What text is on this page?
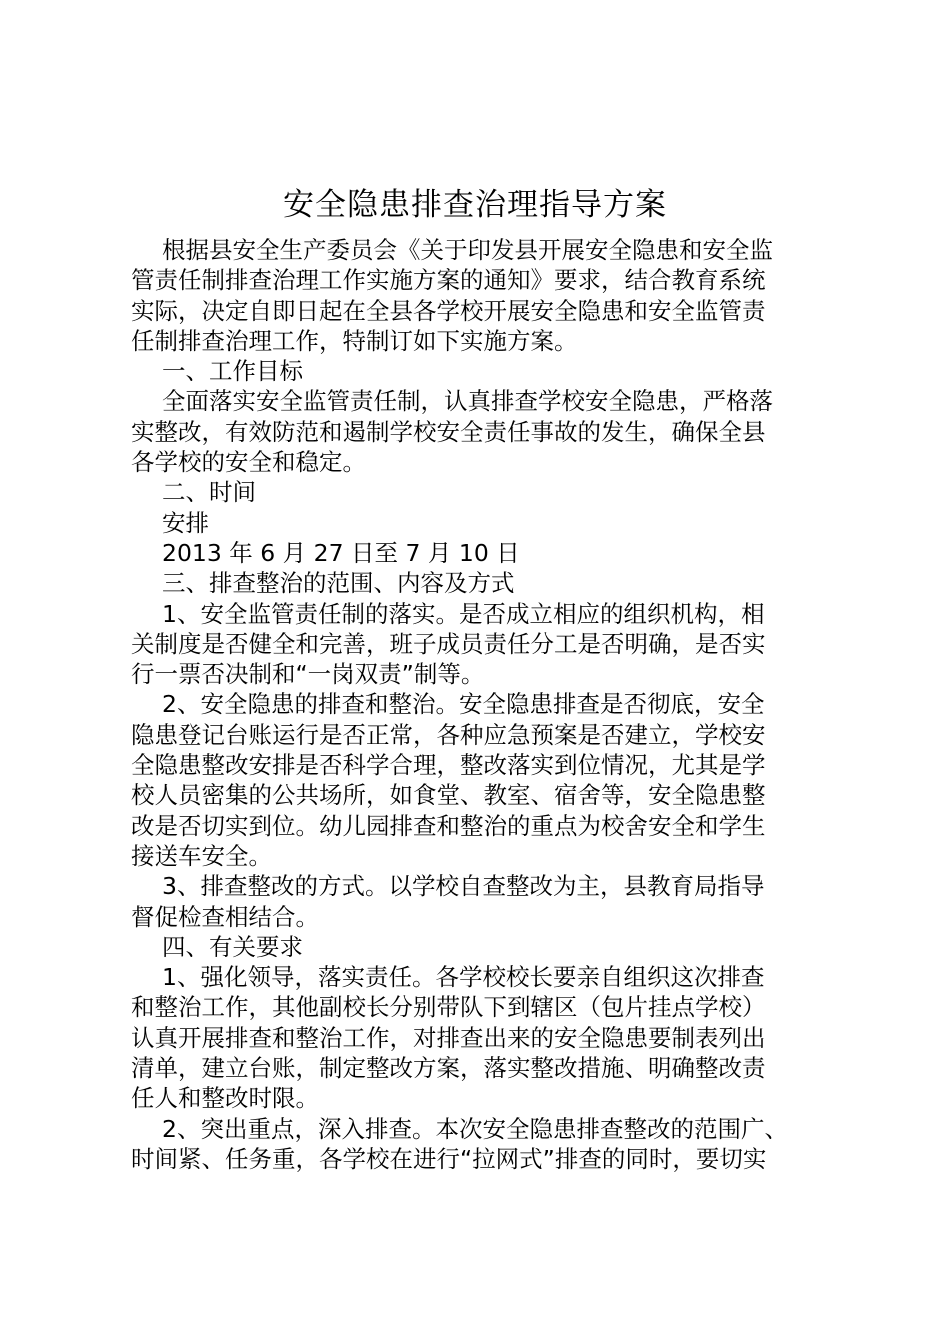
安全隐患排查治理指导方案

根据县安全生产委员会《关于印发县开展安全隐患和安全监
管责任制排查治理工作实施方案的通知》要求，结合教育系统
实际，决定自即日起在全县各学校开展安全隐患和安全监管责
任制排查治理工作，特制订如下实施方案。

一、工作目标

全面落实安全监管责任制，认真排查学校安全隐患，严格落
实整改，有效防范和遏制学校安全责任事故的发生，确保全县
各学校的安全和稳定。

二、时间

安排

2013 年 6 月 27 日至 7 月 10 日

三、排查整治的范围、内容及方式

1、安全监管责任制的落实。是否成立相应的组织机构，相
关制度是否健全和完善，班子成员责任分工是否明确，是否实
行一票否决制和“一岗双责”制等。

2、安全隐患的排查和整治。安全隐患排查是否彻底，安全
隐患登记台账运行是否正常，各种应急预案是否建立，学校安
全隐患整改安排是否科学合理，整改落实到位情况，尤其是学
校人员密集的公共场所，如食堂、教室、宿舍等，安全隐患整
改是否切实到位。幼儿园排查和整治的重点为校舍安全和学生
接送车安全。

3、排查整改的方式。以学校自查整改为主，县教育局指导
督促检查相结合。

四、有关要求

1、强化领导，落实责任。各学校校长要亲自组织这次排查
和整治工作，其他副校长分别带队下到辖区（包片挂点学校）
认真开展排查和整治工作，对排查出来的安全隐患要制表列出
清单，建立台账，制定整改方案，落实整改措施、明确整改责
任人和整改时限。

2、突出重点，深入排查。本次安全隐患排查整改的范围广、
时间紧、任务重，各学校在进行“拉网式”排查的同时，要切实
